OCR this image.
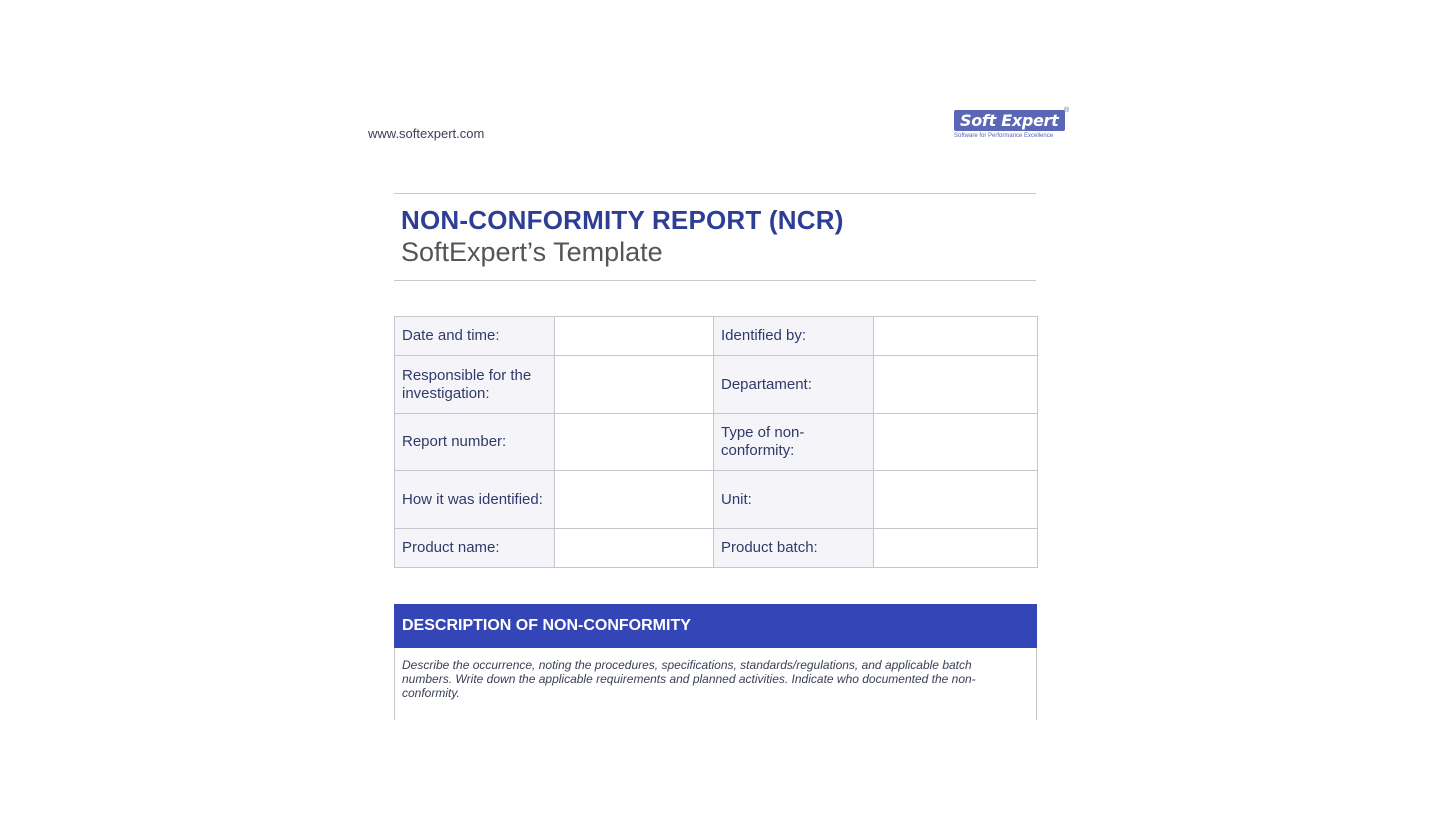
www.softexpert.com
Soft Expert
®
Software for Performance Excellence
NON-CONFORMITY REPORT (NCR)
SoftExpert’s Template
Date and time:		Identified by:	
Responsible for the investigation:		Departament:	
Report number:		Type of non-conformity:	
How it was identified:		Unit:	
Product name:		Product batch:	
DESCRIPTION OF NON-CONFORMITY
Describe the occurrence, noting the procedures, specifications, standards/regulations, and applicable batch numbers. Write down the applicable requirements and planned activities. Indicate who documented the non-conformity.
